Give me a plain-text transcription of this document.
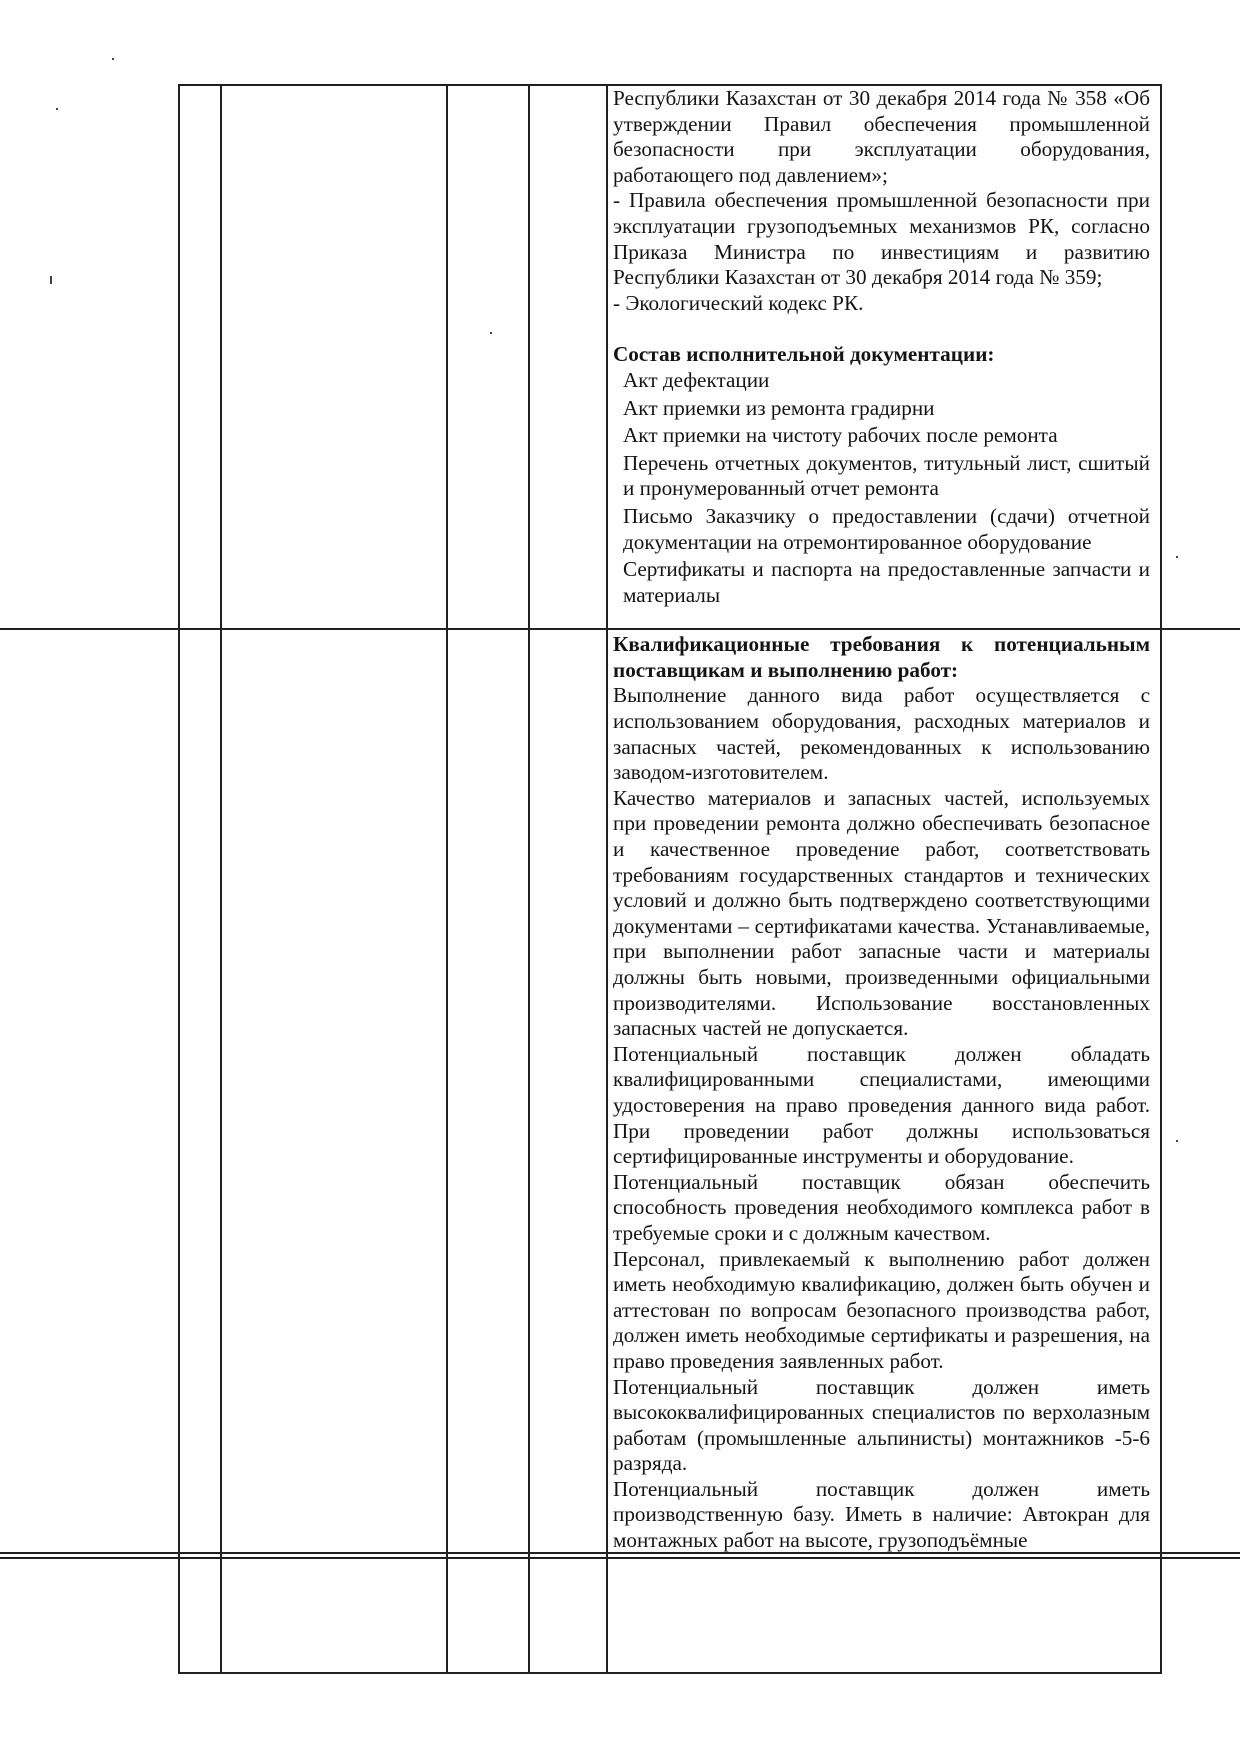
Республики Казахстан от 30 декабря 2014 года № 358 «Об утверждении Правил обеспечения промышленной безопасности при эксплуатации оборудования, работающего под давлением»;

- Правила обеспечения промышленной безопасности при эксплуатации грузоподъемных механизмов РК, согласно Приказа Министра по инвестициям и развитию Республики Казахстан от 30 декабря 2014 года № 359;

- Экологический кодекс РК.

Состав исполнительной документации:

Акт дефектации

Акт приемки из ремонта градирни

Акт приемки на чистоту рабочих после ремонта

Перечень отчетных документов, титульный лист, сшитый и пронумерованный отчет ремонта

Письмо Заказчику о предоставлении (сдачи) отчетной документации на отремонтированное оборудование

Сертификаты и паспорта на предоставленные запчасти и материалы

Квалификационные требования к потенциальным поставщикам и выполнению работ:

Выполнение данного вида работ осуществляется с использованием оборудования, расходных материалов и запасных частей, рекомендованных к использованию заводом-изготовителем.

Качество материалов и запасных частей, используемых при проведении ремонта должно обеспечивать безопасное и качественное проведение работ, соответствовать требованиям государственных стандартов и технических условий и должно быть подтверждено соответствующими документами – сертификатами качества. Устанавливаемые, при выполнении работ запасные части и материалы должны быть новыми, произведенными официальными производителями. Использование восстановленных запасных частей не допускается.

Потенциальный поставщик должен обладать квалифицированными специалистами, имеющими удостоверения на право проведения данного вида работ. При проведении работ должны использоваться сертифицированные инструменты и оборудование.

Потенциальный поставщик обязан обеспечить способность проведения необходимого комплекса работ в требуемые сроки и с должным качеством.

Персонал, привлекаемый к выполнению работ должен иметь необходимую квалификацию, должен быть обучен и аттестован по вопросам безопасного производства работ, должен иметь необходимые сертификаты и разрешения, на право проведения заявленных работ.

Потенциальный поставщик должен иметь высококвалифицированных специалистов по верхолазным работам (промышленные альпинисты) монтажников -5-6 разряда.

Потенциальный поставщик должен иметь производственную базу. Иметь в наличие: Автокран для монтажных работ на высоте, грузоподъёмные
